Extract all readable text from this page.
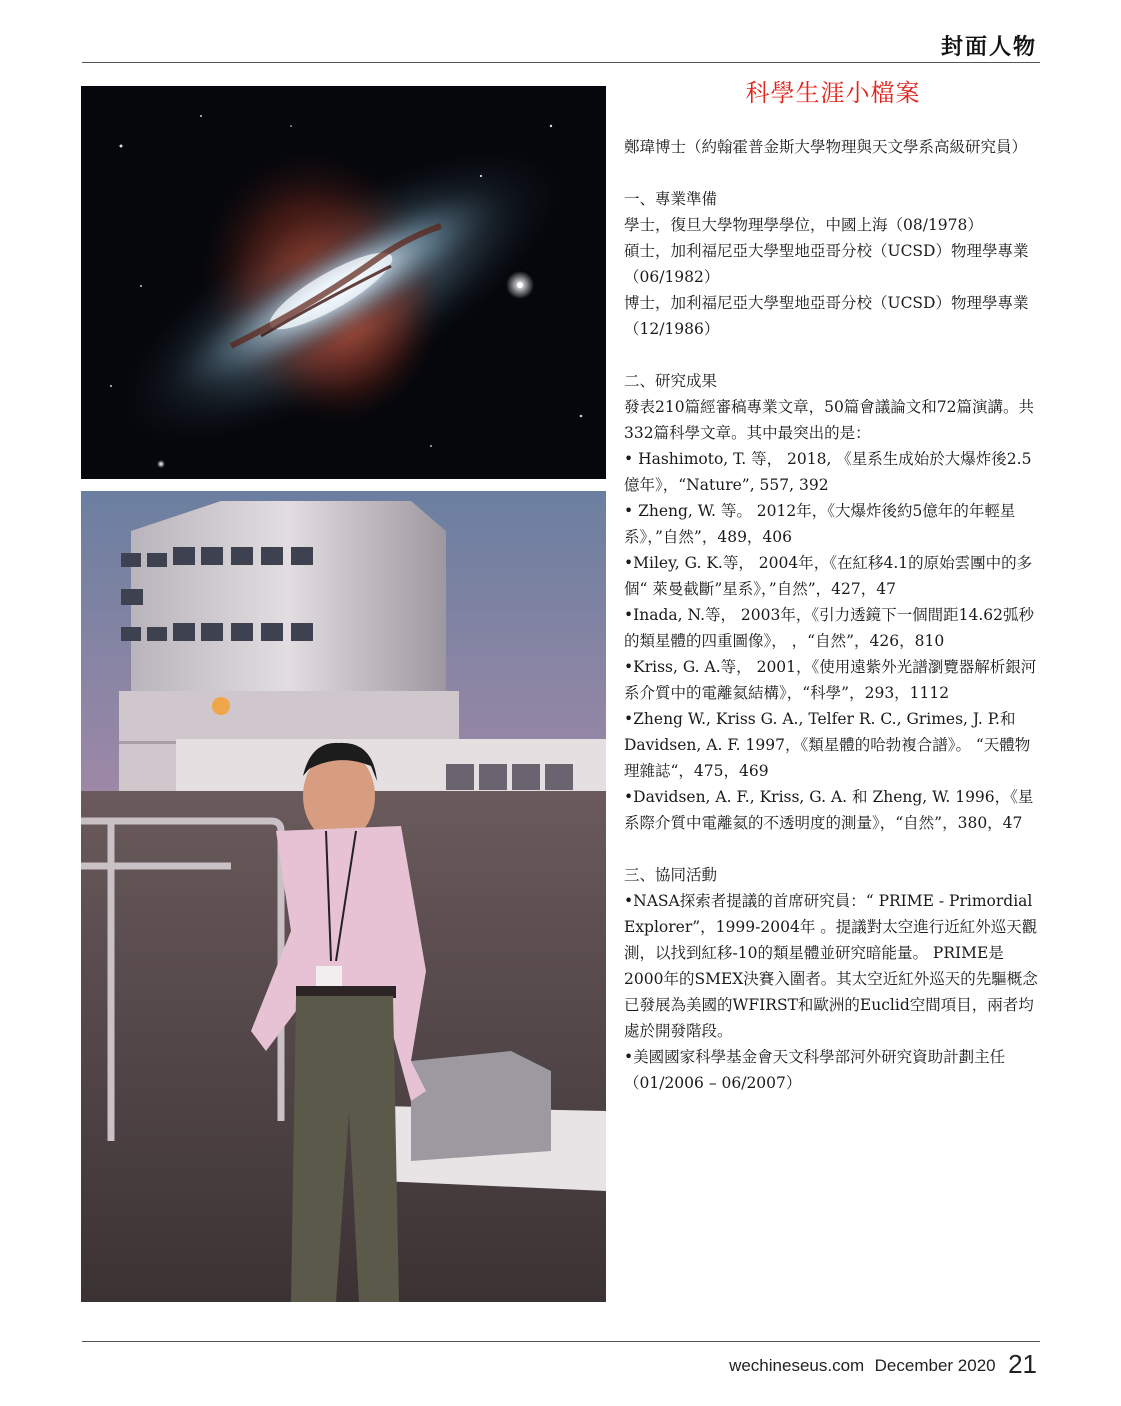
封面人物
科學生涯小檔案

鄭瑋博士（約翰霍普金斯大學物理與天文學系高級研究員）

一、專業準備

學士，復旦大學物理學學位，中國上海（08/1978）

碩士，加利福尼亞大學聖地亞哥分校（UCSD）物理學專業（06/1982）

博士，加利福尼亞大學聖地亞哥分校（UCSD）物理學專業（12/1986）

二、研究成果

發表210篇經審稿專業文章，50篇會議論文和72篇演講。共332篇科學文章。其中最突出的是：

• Hashimoto, T. 等， 2018, 《星系生成始於大爆炸後2.5億年》，“Nature”, 557, 392

• Zheng, W. 等。 2012年，《大爆炸後約5億年的年輕星系》，”自然”，489，406

•Miley, G. K.等， 2004年，《在紅移4.1的原始雲團中的多個“ 萊曼截斷”星系》，”自然”，427，47

•Inada, N.等， 2003年，《引力透鏡下一個間距14.62弧秒 的類星體的四重圖像》， ，“自然”，426，810

•Kriss, G. A.等， 2001，《使用遠紫外光譜瀏覽器解析銀河系介質中的電離氦結構》，“科學”，293，1112

•Zheng W., Kriss G. A., Telfer R. C., Grimes, J. P.和Davidsen, A. F. 1997，《類星體的哈勃複合譜》。 “天體物理雜誌“，475，469

•Davidsen, A. F., Kriss, G. A. 和 Zheng, W. 1996，《星系際介質中電離氦的不透明度的測量》，“自然”，380，47

三、協同活動

•NASA探索者提議的首席研究員：“ PRIME - Primordial Explorer”，1999-2004年 。提議對太空進行近紅外巡天觀測，以找到紅移-10的類星體並研究暗能量。 PRIME是2000年的SMEX決賽入圍者。其太空近紅外巡天的先驅概念已發展為美國的WFIRST和歐洲的Euclid空間項目，兩者均處於開發階段。

•美國國家科學基金會天文科學部河外研究資助計劃主任（01/2006 – 06/2007）

wechineseus.com December 2020 21
